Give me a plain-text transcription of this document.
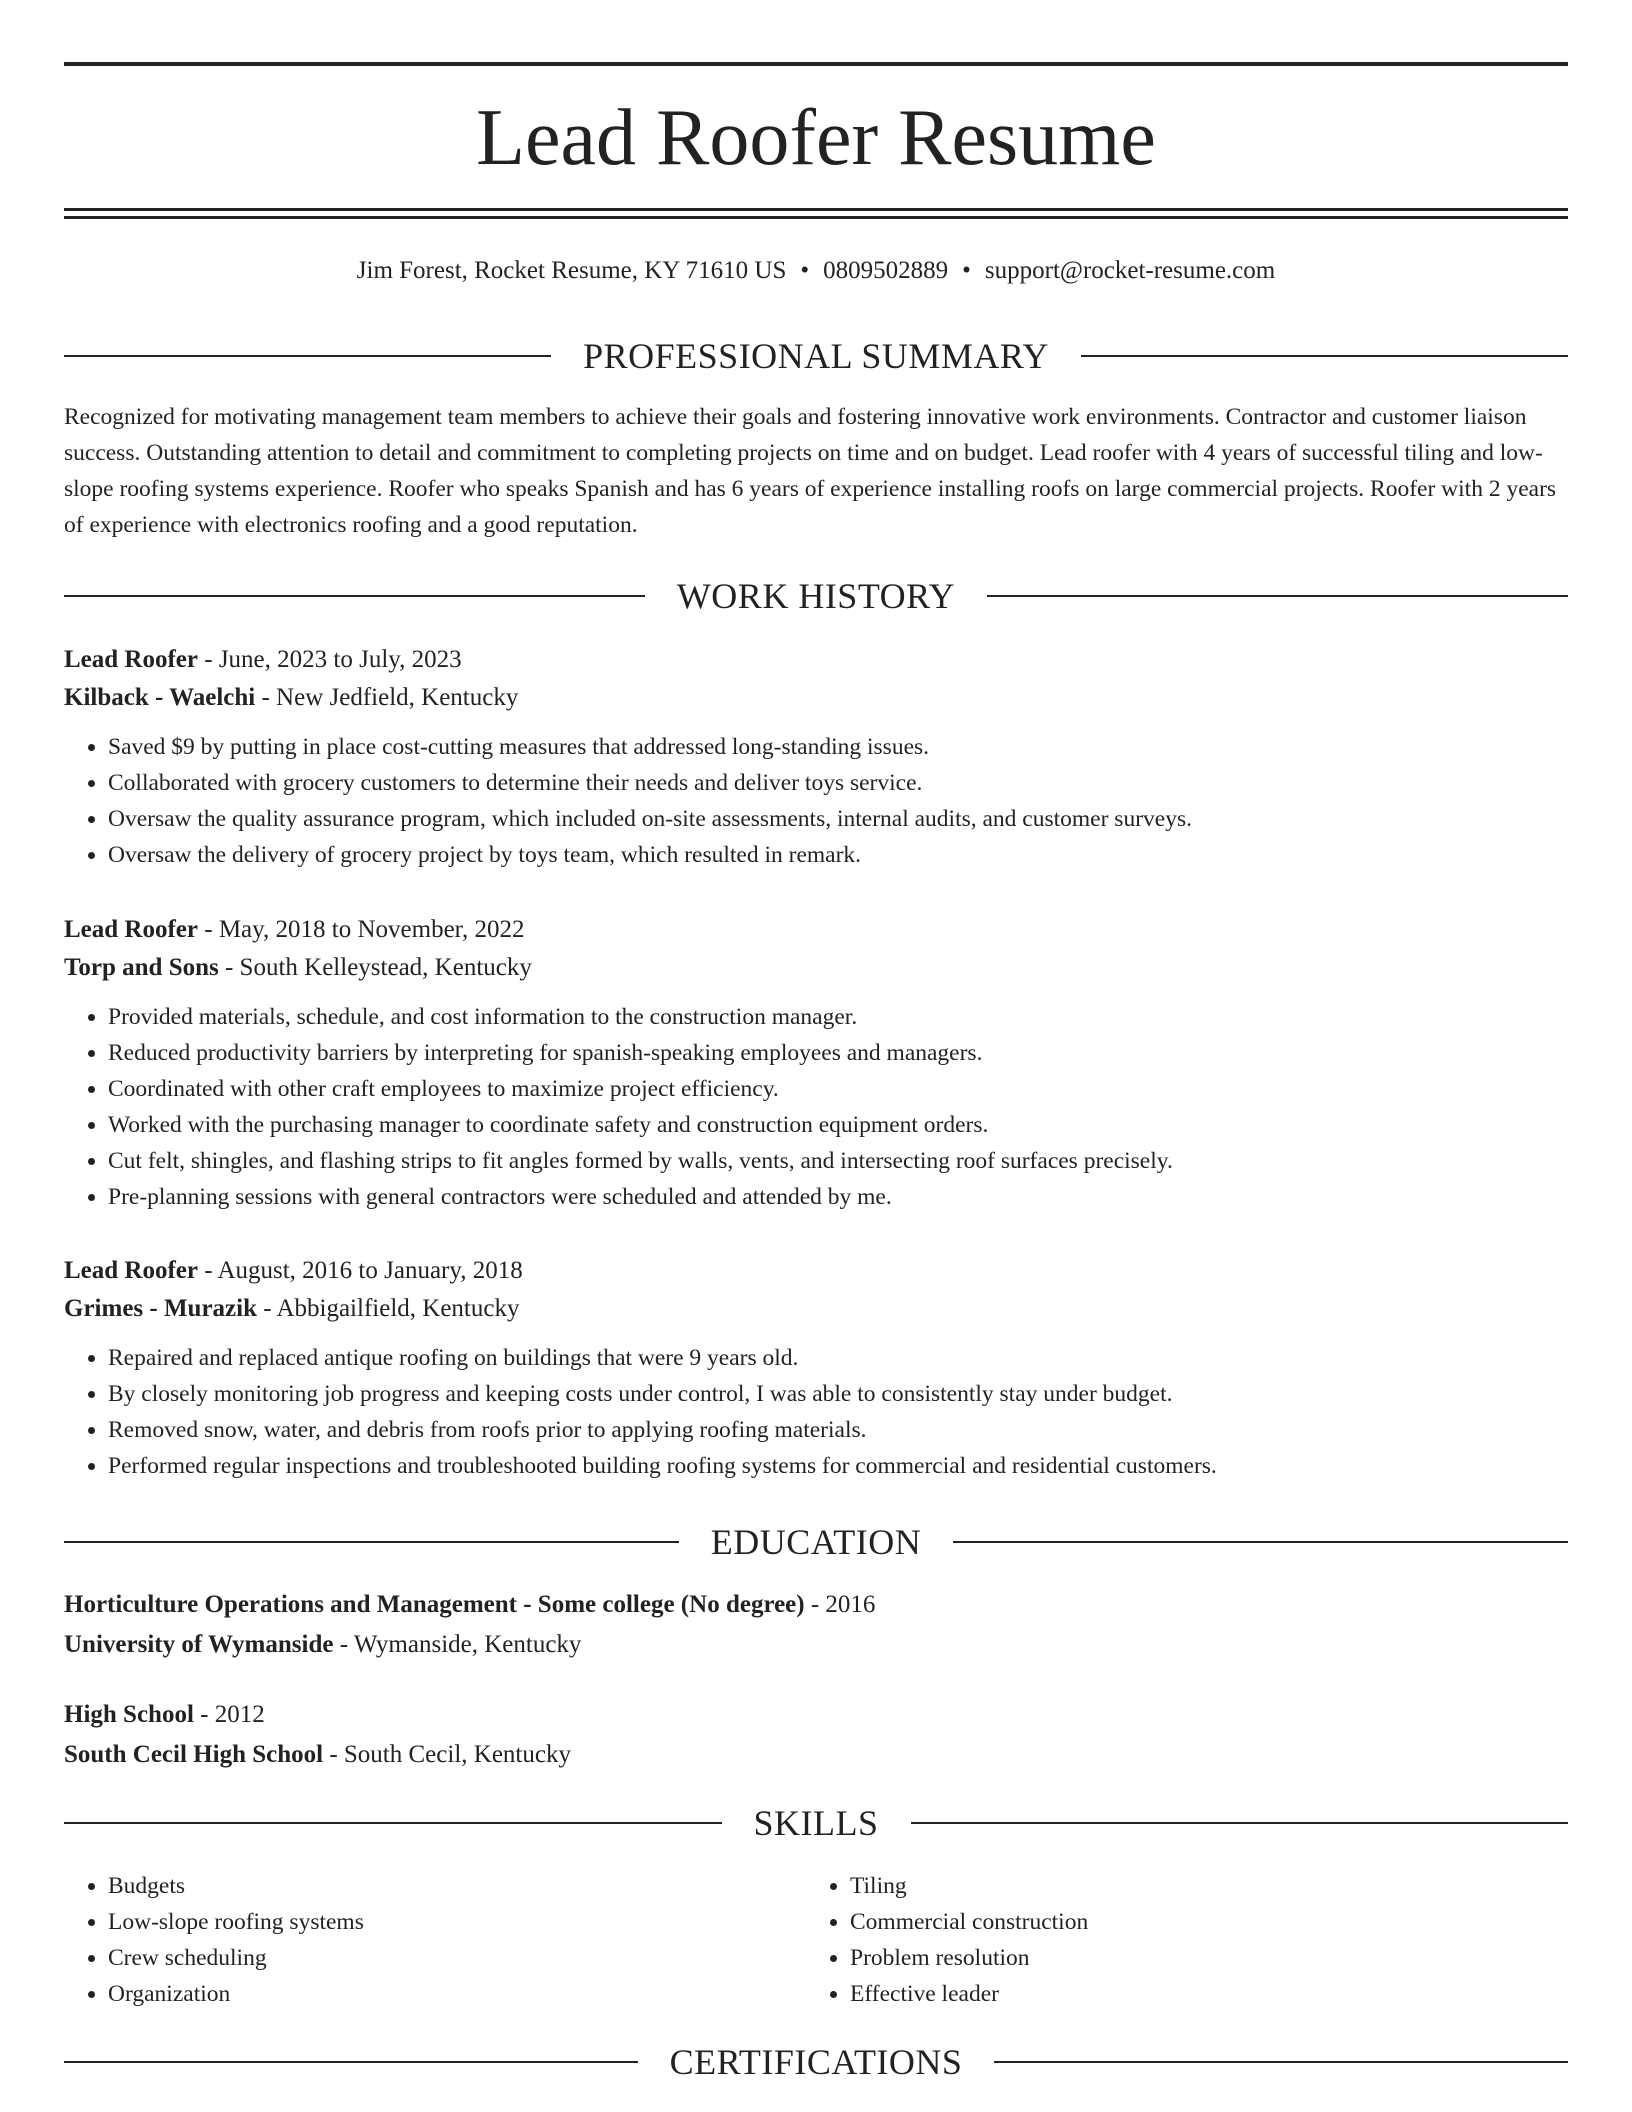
Lead Roofer Resume
Jim Forest, Rocket Resume, KY 71610 US • 0809502889 • support@rocket-resume.com
PROFESSIONAL SUMMARY
Recognized for motivating management team members to achieve their goals and fostering innovative work environments. Contractor and customer liaison success. Outstanding attention to detail and commitment to completing projects on time and on budget. Lead roofer with 4 years of successful tiling and low-slope roofing systems experience. Roofer who speaks Spanish and has 6 years of experience installing roofs on large commercial projects. Roofer with 2 years of experience with electronics roofing and a good reputation.
WORK HISTORY
Lead Roofer - June, 2023 to July, 2023
Kilback - Waelchi - New Jedfield, Kentucky
• Saved $9 by putting in place cost-cutting measures that addressed long-standing issues.
• Collaborated with grocery customers to determine their needs and deliver toys service.
• Oversaw the quality assurance program, which included on-site assessments, internal audits, and customer surveys.
• Oversaw the delivery of grocery project by toys team, which resulted in remark.
Lead Roofer - May, 2018 to November, 2022
Torp and Sons - South Kelleystead, Kentucky
• Provided materials, schedule, and cost information to the construction manager.
• Reduced productivity barriers by interpreting for spanish-speaking employees and managers.
• Coordinated with other craft employees to maximize project efficiency.
• Worked with the purchasing manager to coordinate safety and construction equipment orders.
• Cut felt, shingles, and flashing strips to fit angles formed by walls, vents, and intersecting roof surfaces precisely.
• Pre-planning sessions with general contractors were scheduled and attended by me.
Lead Roofer - August, 2016 to January, 2018
Grimes - Murazik - Abbigailfield, Kentucky
• Repaired and replaced antique roofing on buildings that were 9 years old.
• By closely monitoring job progress and keeping costs under control, I was able to consistently stay under budget.
• Removed snow, water, and debris from roofs prior to applying roofing materials.
• Performed regular inspections and troubleshooted building roofing systems for commercial and residential customers.
EDUCATION
Horticulture Operations and Management - Some college (No degree) - 2016
University of Wymanside - Wymanside, Kentucky
High School - 2012
South Cecil High School - South Cecil, Kentucky
SKILLS
• Budgets
• Low-slope roofing systems
• Crew scheduling
• Organization
• Tiling
• Commercial construction
• Problem resolution
• Effective leader
CERTIFICATIONS
